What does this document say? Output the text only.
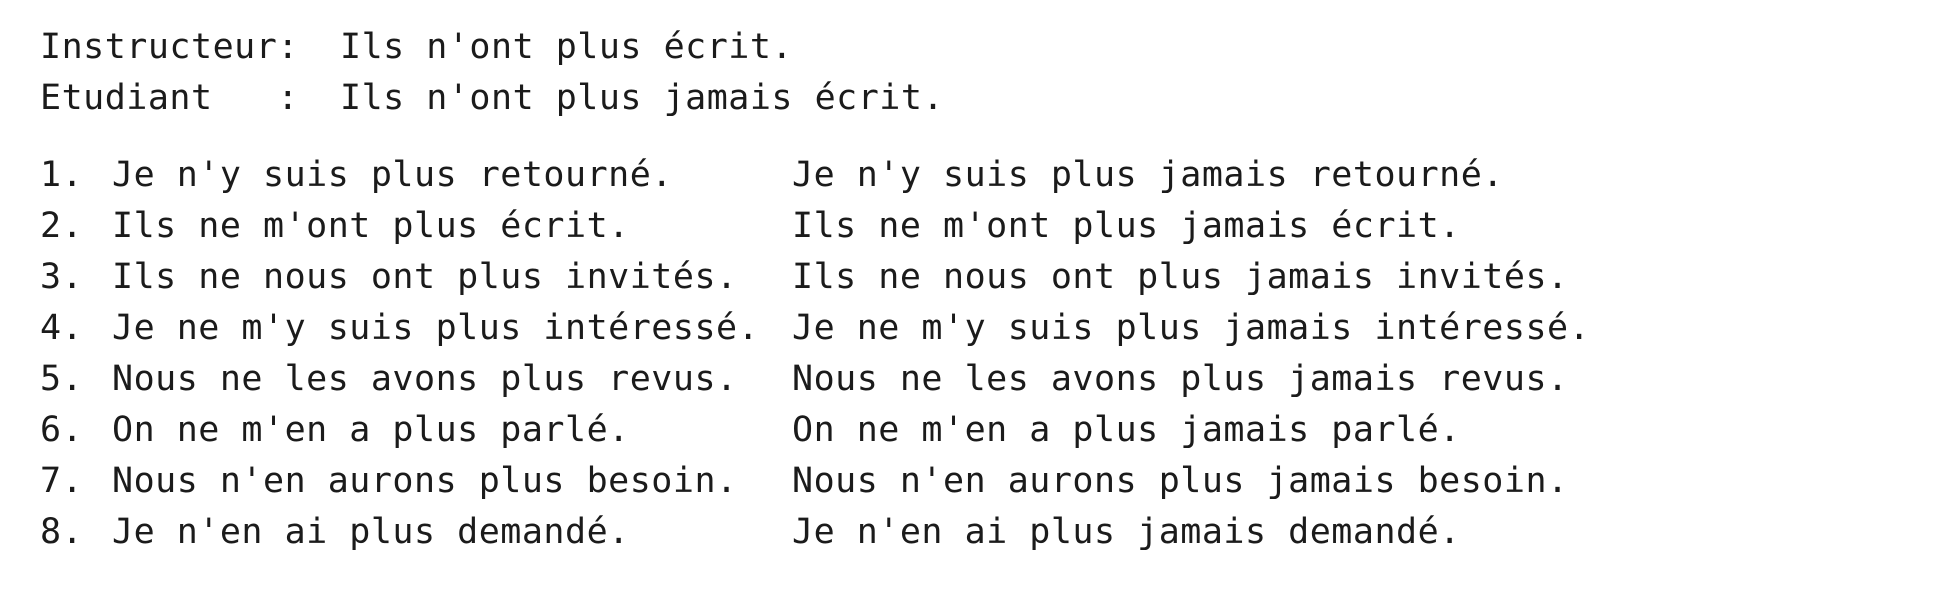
Instructeur:	Ils n'ont plus écrit.
Etudiant   :	Ils n'ont plus jamais écrit.
1. Je n'y suis plus retourné.	Je n'y suis plus jamais retourné.
2. Ils ne m'ont plus écrit.	Ils ne m'ont plus jamais écrit.
3. Ils ne nous ont plus invités.	Ils ne nous ont plus jamais invités.
4. Je ne m'y suis plus intéressé. Je ne m'y suis plus jamais intéressé.
5. Nous ne les avons plus revus.	Nous ne les avons plus jamais revus.
6. On ne m'en a plus parlé.	On ne m'en a plus jamais parlé.
7. Nous n'en aurons plus besoin.	Nous n'en aurons plus jamais besoin.
8. Je n'en ai plus demandé.	Je n'en ai plus jamais demandé.
